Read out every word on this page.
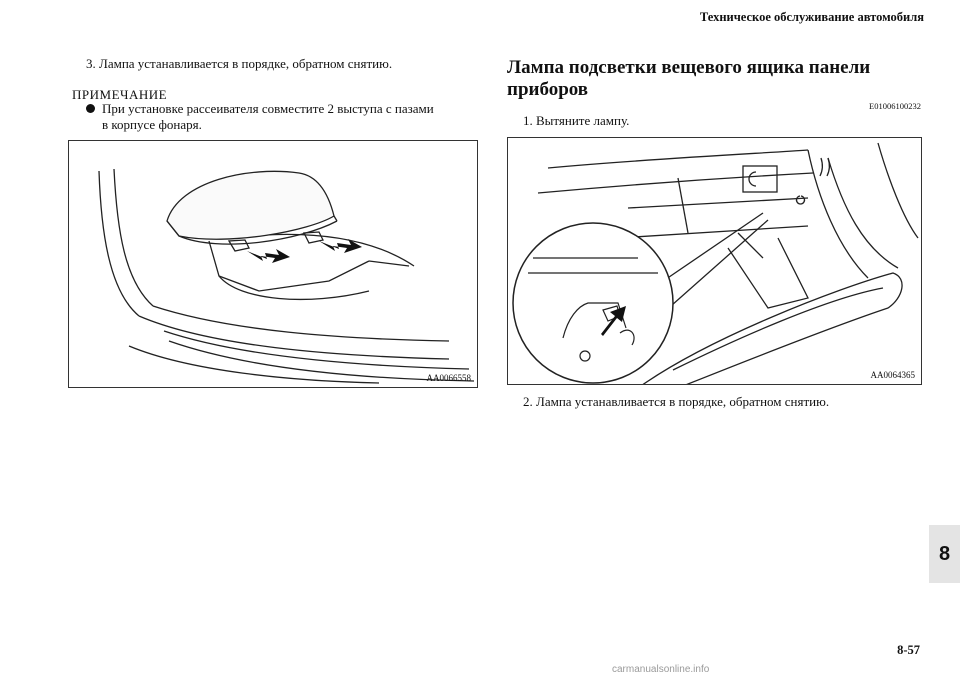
Техническое обслуживание автомобиля
3. Лампа устанавливается в порядке, обратном снятию.
ПРИМЕЧАНИЕ
При установке рассеивателя совместите 2 выступа с пазами
в корпусе фонаря.
AA0066558
Лампа подсветки вещевого ящика панели
приборов
E01006100232
1. Вытяните лампу.
AA0064365
2. Лампа устанавливается в порядке, обратном снятию.
8
8-57
carmanualsonline.info
